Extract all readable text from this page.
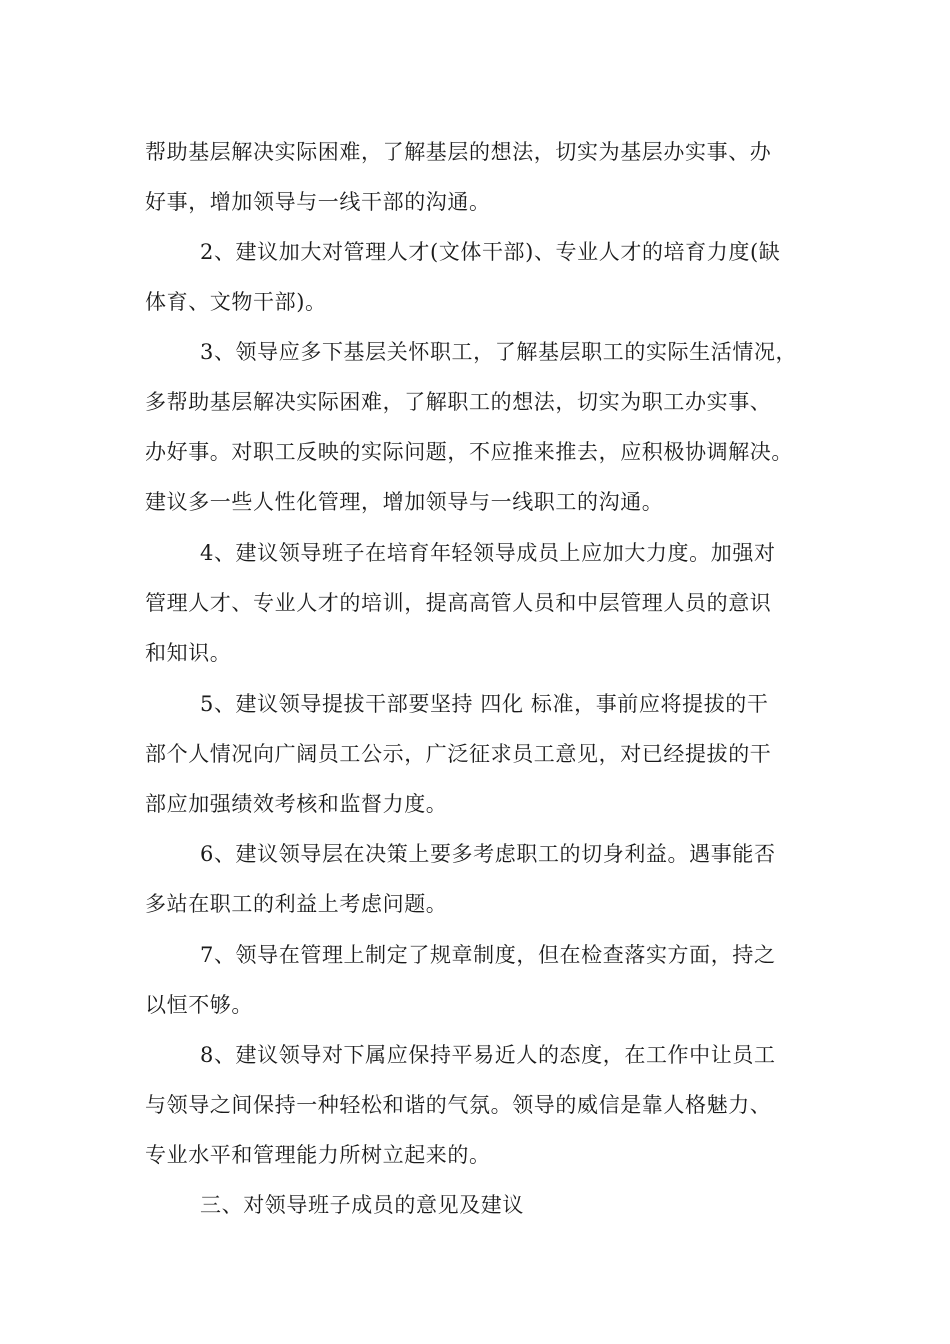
帮助基层解决实际困难，了解基层的想法，切实为基层办实事、办
好事，增加领导与一线干部的沟通。
2、建议加大对管理人才(文体干部)、专业人才的培育力度(缺
体育、文物干部)。
3、领导应多下基层关怀职工，了解基层职工的实际生活情况，
多帮助基层解决实际困难，了解职工的想法，切实为职工办实事、
办好事。对职工反映的实际问题，不应推来推去，应积极协调解决。
建议多一些人性化管理，增加领导与一线职工的沟通。
4、建议领导班子在培育年轻领导成员上应加大力度。加强对
管理人才、专业人才的培训，提高高管人员和中层管理人员的意识
和知识。
5、建议领导提拔干部要坚持 四化 标准，事前应将提拔的干
部个人情况向广阔员工公示，广泛征求员工意见，对已经提拔的干
部应加强绩效考核和监督力度。
6、建议领导层在决策上要多考虑职工的切身利益。遇事能否
多站在职工的利益上考虑问题。
7、领导在管理上制定了规章制度，但在检查落实方面，持之
以恒不够。
8、建议领导对下属应保持平易近人的态度，在工作中让员工
与领导之间保持一种轻松和谐的气氛。领导的威信是靠人格魅力、
专业水平和管理能力所树立起来的。
三、对领导班子成员的意见及建议
